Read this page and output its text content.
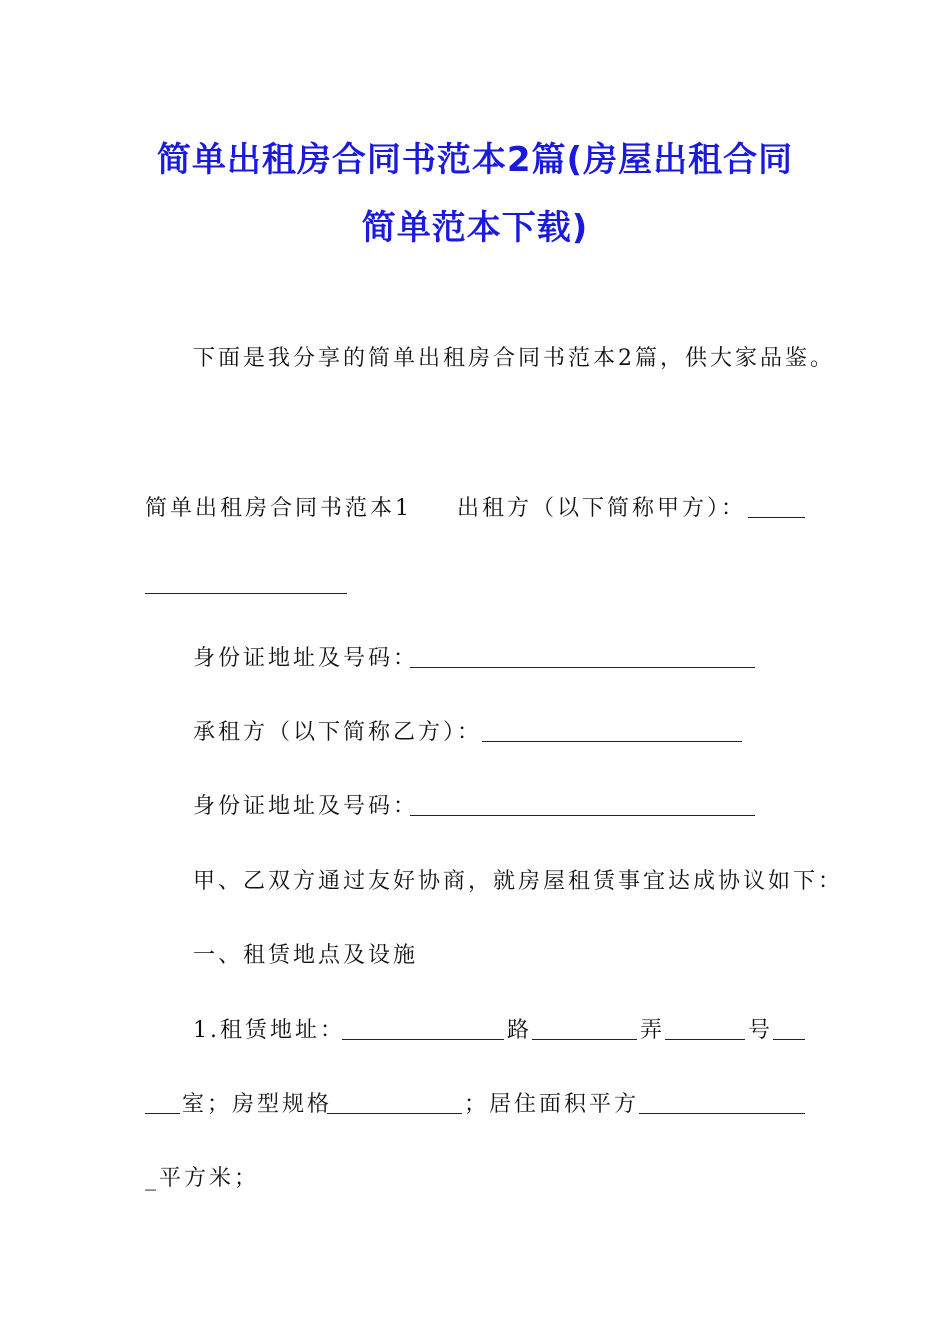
简单出租房合同书范本2篇(房屋出租合同
简单范本下载)
下面是我分享的简单出租房合同书范本2篇，供大家品鉴。
简单出租房合同书范本1 出租方（以下简称甲方）：
身份证地址及号码：
承租方（以下简称乙方）：
身份证地址及号码：
甲、乙双方通过友好协商，就房屋租赁事宜达成协议如下：
一、租赁地点及设施
1.租赁地址：	路	弄	号
室；房型规格	；居住面积平方
_平方米；
